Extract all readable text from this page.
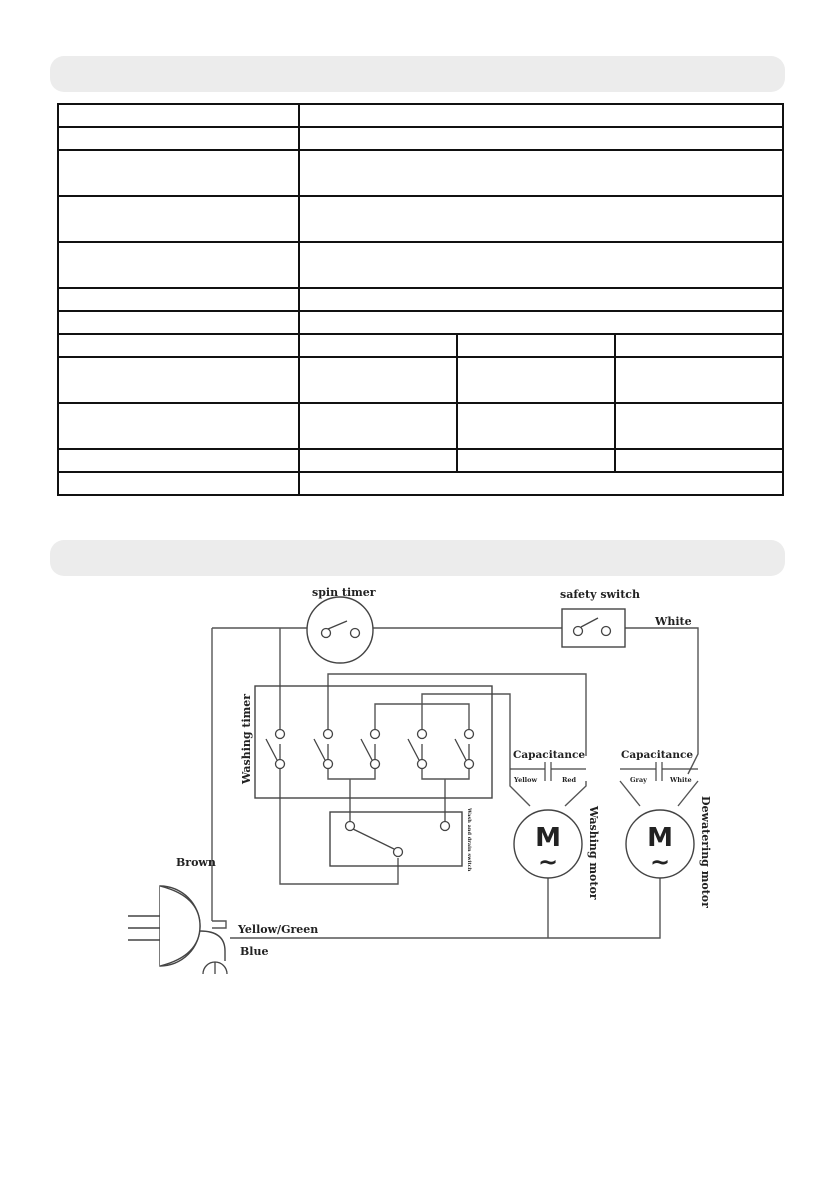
spin timer	safety switch
White
Washing timer
Wash and drain switch
Capacitance
Yellow	Red
Capacitance
Gray	White
M
~	Washing motor M
~	Dewatering motor
Brown
Yellow/Green
Blue
